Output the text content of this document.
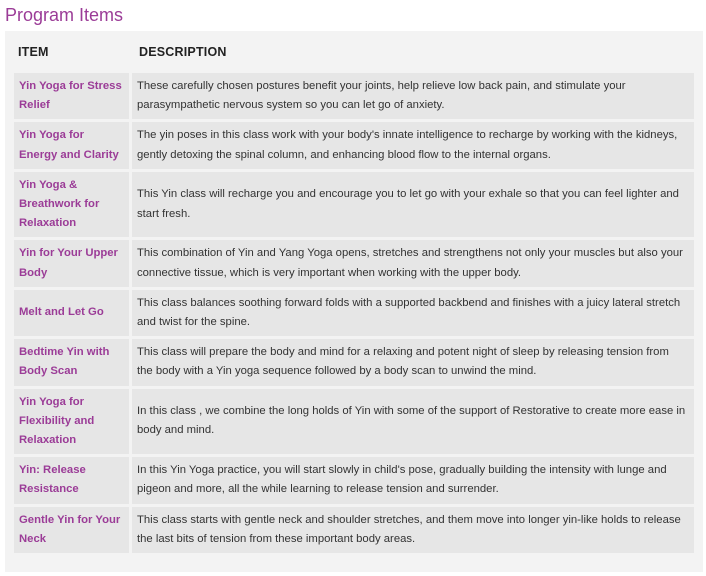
Program Items
ITEM	DESCRIPTION
Yin Yoga for Stress Relief	These carefully chosen postures benefit your joints, help relieve low back pain, and stimulate your parasympathetic nervous system so you can let go of anxiety.
Yin Yoga for Energy and Clarity	The yin poses in this class work with your body's innate intelligence to recharge by working with the kidneys, gently detoxing the spinal column, and enhancing blood flow to the internal organs.
Yin Yoga & Breathwork for Relaxation	This Yin class will recharge you and encourage you to let go with your exhale so that you can feel lighter and start fresh.
Yin for Your Upper Body	This combination of Yin and Yang Yoga opens, stretches and strengthens not only your muscles but also your connective tissue, which is very important when working with the upper body.
Melt and Let Go	This class balances soothing forward folds with a supported backbend and finishes with a juicy lateral stretch and twist for the spine.
Bedtime Yin with Body Scan	This class will prepare the body and mind for a relaxing and potent night of sleep by releasing tension from the body with a Yin yoga sequence followed by a body scan to unwind the mind.
Yin Yoga for Flexibility and Relaxation	In this class , we combine the long holds of Yin with some of the support of Restorative to create more ease in body and mind.
Yin: Release Resistance	In this Yin Yoga practice, you will start slowly in child's pose, gradually building the intensity with lunge and pigeon and more, all the while learning to release tension and surrender.
Gentle Yin for Your Neck	This class starts with gentle neck and shoulder stretches, and them move into longer yin-like holds to release the last bits of tension from these important body areas.
